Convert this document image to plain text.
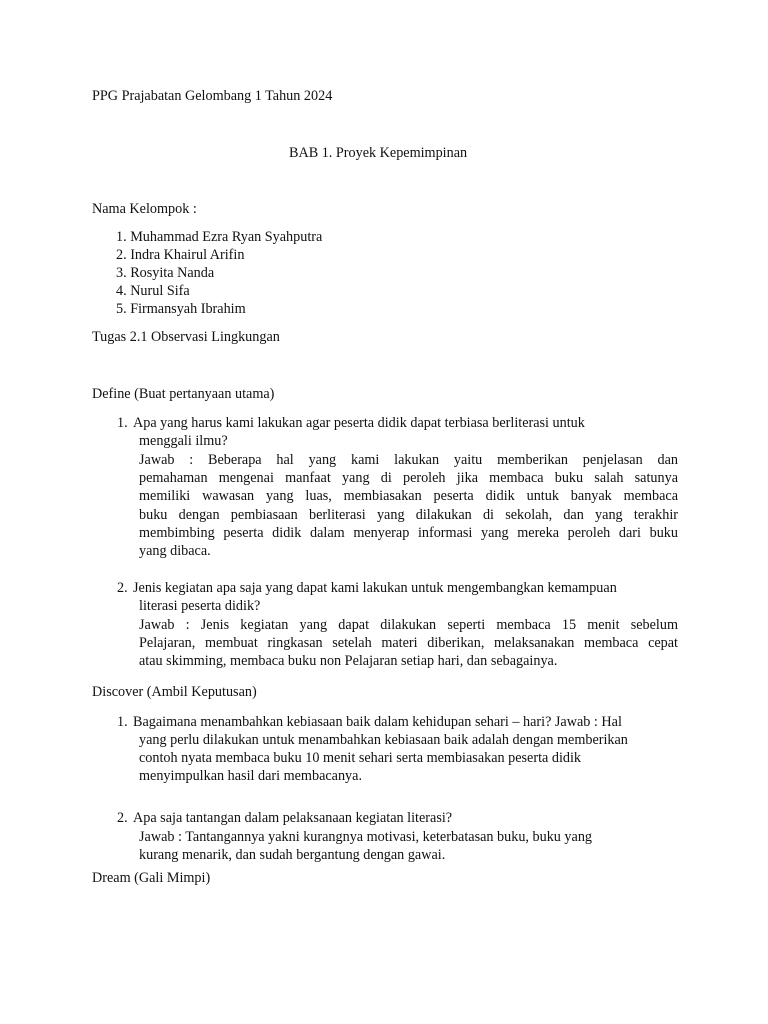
PPG Prajabatan Gelombang 1 Tahun 2024
BAB 1. Proyek Kepemimpinan
Nama Kelompok :
1. Muhammad Ezra Ryan Syahputra
2. Indra Khairul Arifin
3. Rosyita Nanda
4. Nurul Sifa
5. Firmansyah Ibrahim
Tugas 2.1 Observasi Lingkungan
Define (Buat pertanyaan utama)
1. Apa yang harus kami lakukan agar peserta didik dapat terbiasa berliterasi untuk
menggali ilmu?
Jawab : Beberapa hal yang kami lakukan yaitu memberikan penjelasan dan
pemahaman mengenai manfaat yang di peroleh jika membaca buku salah satunya
memiliki wawasan yang luas, membiasakan peserta didik untuk banyak membaca
buku dengan pembiasaan berliterasi yang dilakukan di sekolah, dan yang terakhir
membimbing peserta didik dalam menyerap informasi yang mereka peroleh dari buku
yang dibaca.
2. Jenis kegiatan apa saja yang dapat kami lakukan untuk mengembangkan kemampuan
literasi peserta didik?
Jawab : Jenis kegiatan yang dapat dilakukan seperti membaca 15 menit sebelum
Pelajaran, membuat ringkasan setelah materi diberikan, melaksanakan membaca cepat
atau skimming, membaca buku non Pelajaran setiap hari, dan sebagainya.
Discover (Ambil Keputusan)
1. Bagaimana menambahkan kebiasaan baik dalam kehidupan sehari – hari? Jawab : Hal
yang perlu dilakukan untuk menambahkan kebiasaan baik adalah dengan memberikan
contoh nyata membaca buku 10 menit sehari serta membiasakan peserta didik
menyimpulkan hasil dari membacanya.
2. Apa saja tantangan dalam pelaksanaan kegiatan literasi?
Jawab : Tantangannya yakni kurangnya motivasi, keterbatasan buku, buku yang
kurang menarik, dan sudah bergantung dengan gawai.
Dream (Gali Mimpi)
